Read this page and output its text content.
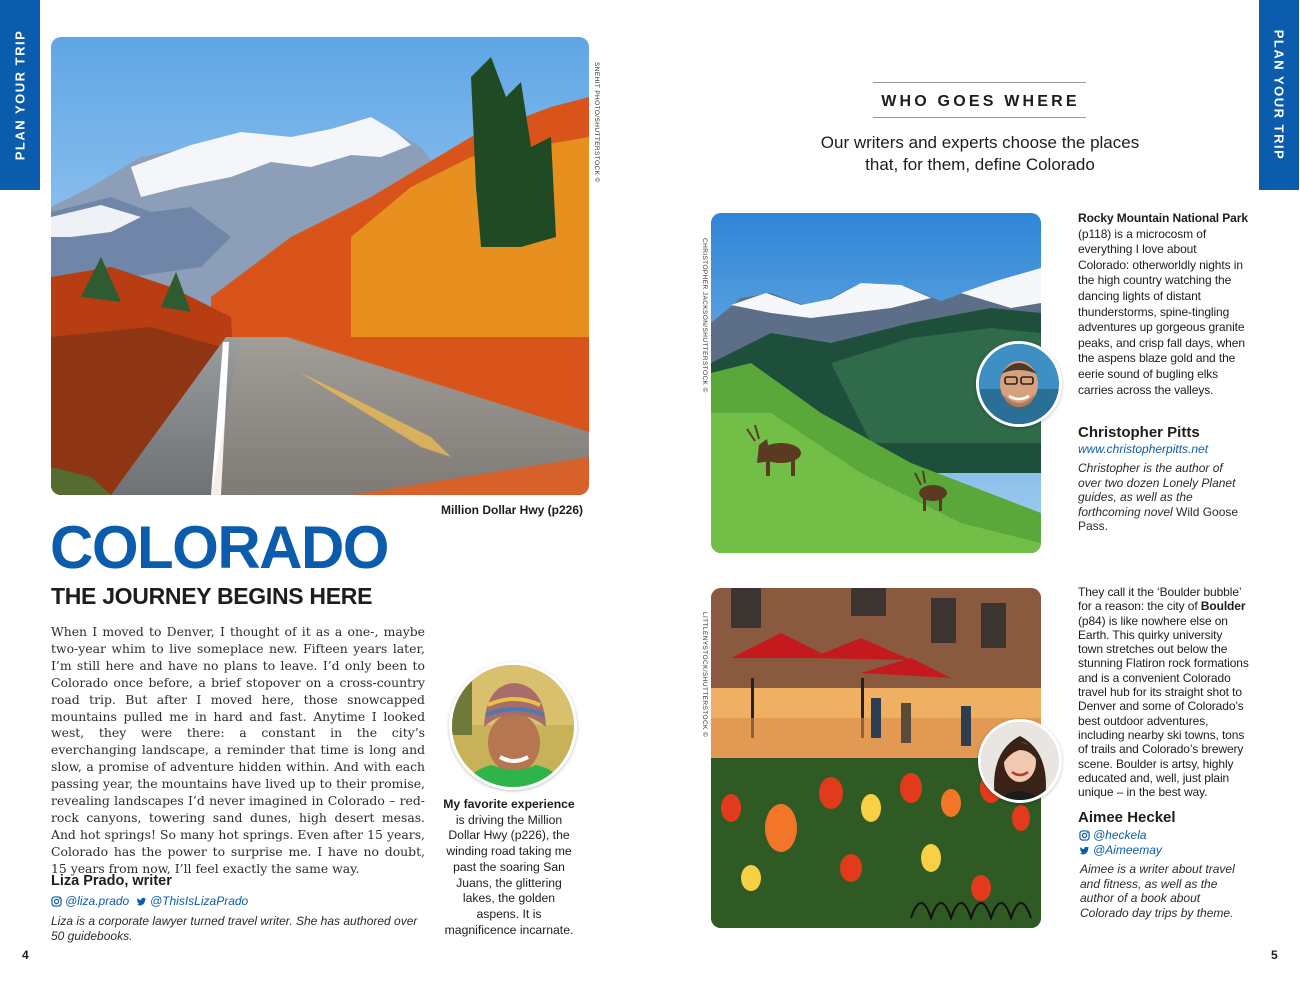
PLAN YOUR TRIP	PLAN YOUR TRIP
SNEHIT PHOTO/SHUTTERSTOCK ©
Million Dollar Hwy (p226)
COLORADO
THE JOURNEY BEGINS HERE

When I moved to Denver, I thought of it as a one-, maybe two-year whim to live someplace new. Fifteen years later, I’m still here and have no plans to leave. I’d only been to Colorado once before, a brief stopover on a cross-country road trip. But after I moved here, those snowcapped mountains pulled me in hard and fast. Anytime I looked west, they were there: a constant in the city’s everchanging landscape, a reminder that time is long and slow, a promise of adventure hidden within. And with each passing year, the mountains have lived up to their promise, revealing landscapes I’d never imagined in Colorado – red-rock canyons, towering sand dunes, high desert mesas. And hot springs! So many hot springs. Even after 15 years, Colorado has the power to surprise me. I have no doubt, 15 years from now, I’ll feel exactly the same way.

Liza Prado, writer
@liza.prado @ThisIsLizaPrado

Liza is a corporate lawyer turned travel writer. She has authored over 50 guidebooks.

My favorite experience is driving the Million Dollar Hwy (p226), the winding road taking me past the soaring San Juans, the glittering lakes, the golden aspens. It is magnificence incarnate.

4
WHO GOES WHERE

Our writers and experts choose the places that, for them, define Colorado

CHRISTOPHER JACKSON/SHUTTERSTOCK ©

Rocky Mountain National Park (p118) is a microcosm of everything I love about Colorado: otherworldly nights in the high country watching the dancing lights of distant thunderstorms, spine-tingling adventures up gorgeous granite peaks, and crisp fall days, when the aspens blaze gold and the eerie sound of bugling elks carries across the valleys.

Christopher Pitts
www.christopherpitts.net

Christopher is the author of over two dozen Lonely Planet guides, as well as the forthcoming novel Wild Goose Pass.

LITTLENYSTOCK/SHUTTERSTOCK ©

They call it the ‘Boulder bubble’ for a reason: the city of Boulder (p84) is like nowhere else on Earth. This quirky university town stretches out below the stunning Flatiron rock formations and is a convenient Colorado travel hub for its straight shot to Denver and some of Colorado’s best outdoor adventures, including nearby ski towns, tons of trails and Colorado’s brewery scene. Boulder is artsy, highly educated and, well, just plain unique – in the best way.

Aimee Heckel
@heckela
@Aimeemay

Aimee is a writer about travel and fitness, as well as the author of a book about Colorado day trips by theme.

5
